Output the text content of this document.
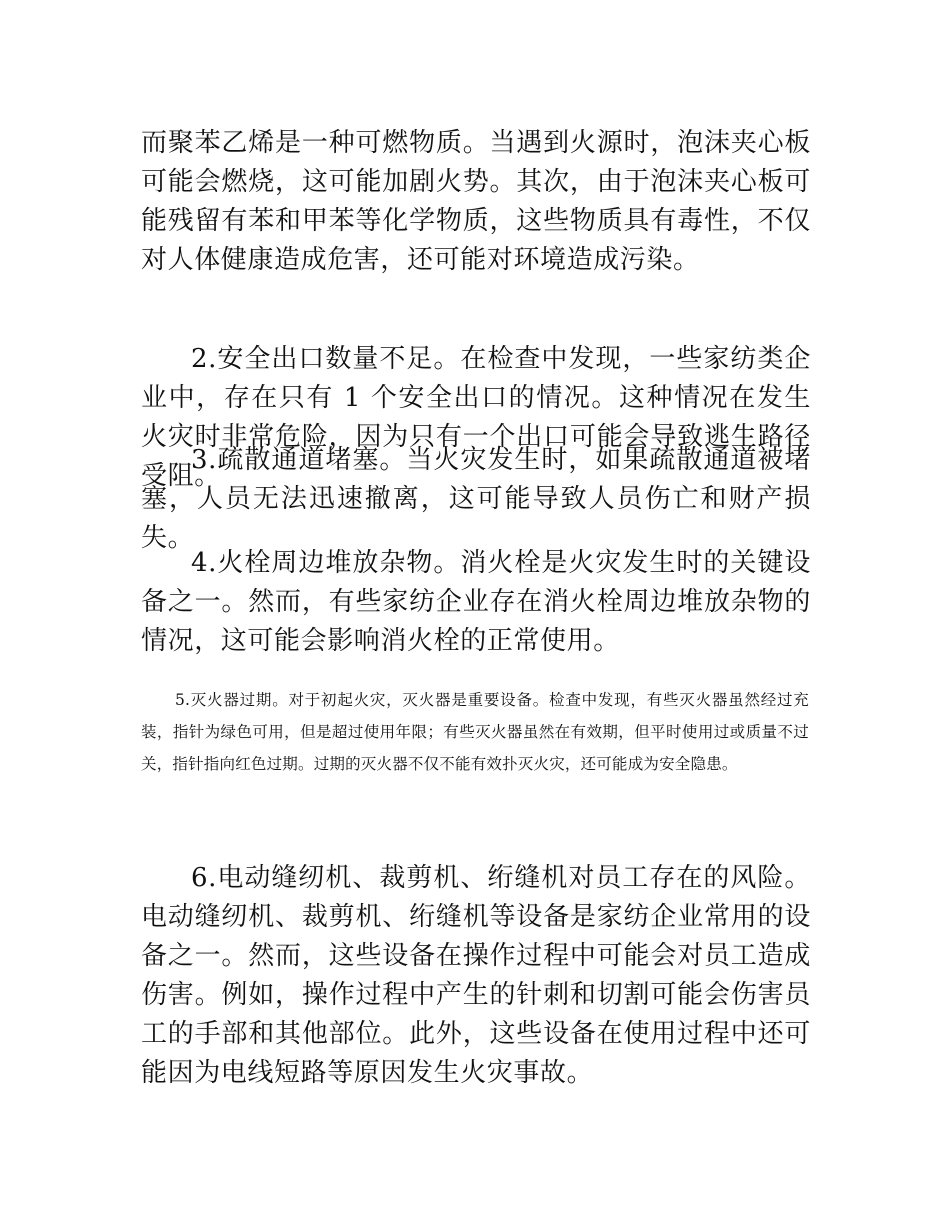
而聚苯乙烯是一种可燃物质。当遇到火源时，泡沫夹心板可能会燃烧，这可能加剧火势。其次，由于泡沫夹心板可能残留有苯和甲苯等化学物质，这些物质具有毒性，不仅对人体健康造成危害，还可能对环境造成污染。

2.安全出口数量不足。在检查中发现，一些家纺类企业中，存在只有 1 个安全出口的情况。这种情况在发生火灾时非常危险，因为只有一个出口可能会导致逃生路径受阻。

3.疏散通道堵塞。当火灾发生时，如果疏散通道被堵塞，人员无法迅速撤离，这可能导致人员伤亡和财产损失。

4.火栓周边堆放杂物。消火栓是火灾发生时的关键设备之一。然而，有些家纺企业存在消火栓周边堆放杂物的情况，这可能会影响消火栓的正常使用。

5.灭火器过期。对于初起火灾，灭火器是重要设备。检查中发现，有些灭火器虽然经过充装，指针为绿色可用，但是超过使用年限；有些灭火器虽然在有效期，但平时使用过或质量不过关，指针指向红色过期。过期的灭火器不仅不能有效扑灭火灾，还可能成为安全隐患。

6.电动缝纫机、裁剪机、绗缝机对员工存在的风险。电动缝纫机、裁剪机、绗缝机等设备是家纺企业常用的设备之一。然而，这些设备在操作过程中可能会对员工造成伤害。例如，操作过程中产生的针刺和切割可能会伤害员工的手部和其他部位。此外，这些设备在使用过程中还可能因为电线短路等原因发生火灾事故。
